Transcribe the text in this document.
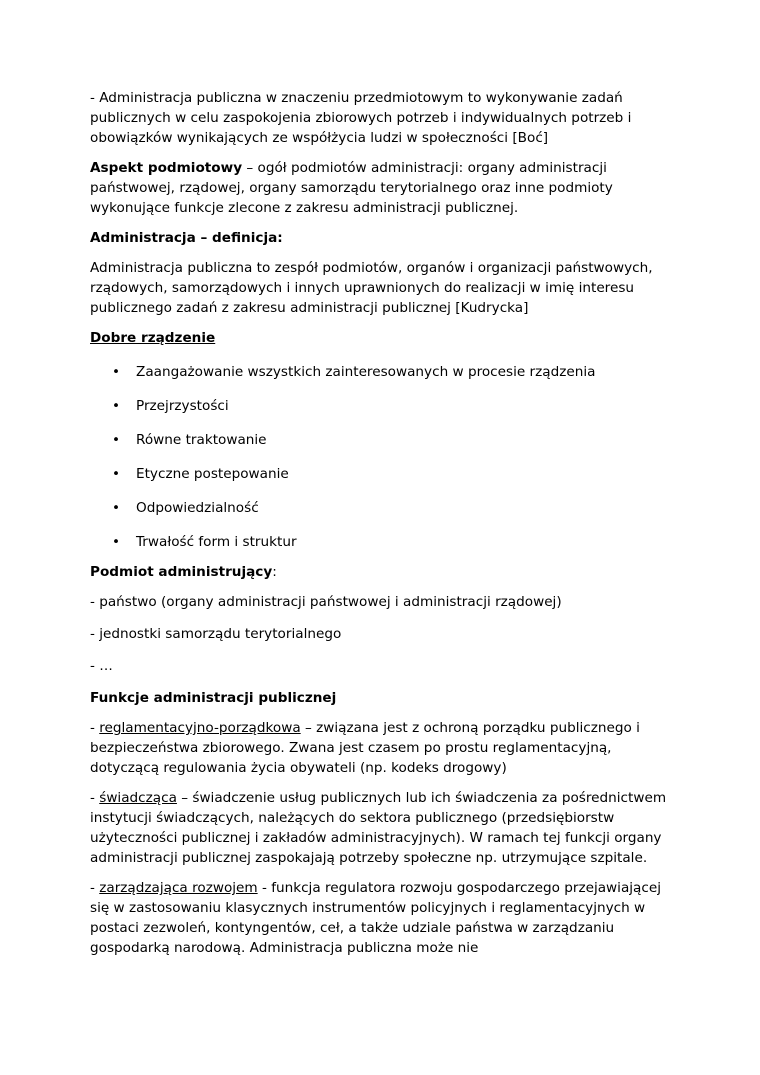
- Administracja publiczna w znaczeniu przedmiotowym to wykonywanie zadań publicznych w celu zaspokojenia zbiorowych potrzeb i indywidualnych potrzeb i obowiązków wynikających ze współżycia ludzi w społeczności [Boć]

Aspekt podmiotowy – ogół podmiotów administracji: organy administracji państwowej, rządowej, organy samorządu terytorialnego oraz inne podmioty wykonujące funkcje zlecone z zakresu administracji publicznej.

Administracja – definicja:

Administracja publiczna to zespół podmiotów, organów i organizacji państwowych, rządowych, samorządowych i innych uprawnionych do realizacji w imię interesu publicznego zadań z zakresu administracji publicznej [Kudrycka]

Dobre rządzenie

• Zaangażowanie wszystkich zainteresowanych w procesie rządzenia
• Przejrzystości
• Równe traktowanie
• Etyczne postepowanie
• Odpowiedzialność
• Trwałość form i struktur

Podmiot administrujący:

- państwo (organy administracji państwowej i administracji rządowej)

- jednostki samorządu terytorialnego

- …

Funkcje administracji publicznej

- reglamentacyjno-porządkowa – związana jest z ochroną porządku publicznego i bezpieczeństwa zbiorowego. Zwana jest czasem po prostu reglamentacyjną, dotyczącą regulowania życia obywateli (np. kodeks drogowy)

- świadcząca – świadczenie usług publicznych lub ich świadczenia za pośrednictwem instytucji świadczących, należących do sektora publicznego (przedsiębiorstw użyteczności publicznej i zakładów administracyjnych). W ramach tej funkcji organy administracji publicznej zaspokajają potrzeby społeczne np. utrzymujące szpitale.

- zarządzająca rozwojem - funkcja regulatora rozwoju gospodarczego przejawiającej się w zastosowaniu klasycznych instrumentów policyjnych i reglamentacyjnych w postaci zezwoleń, kontyngentów, ceł, a także udziale państwa w zarządzaniu gospodarką narodową. Administracja publiczna może nie
